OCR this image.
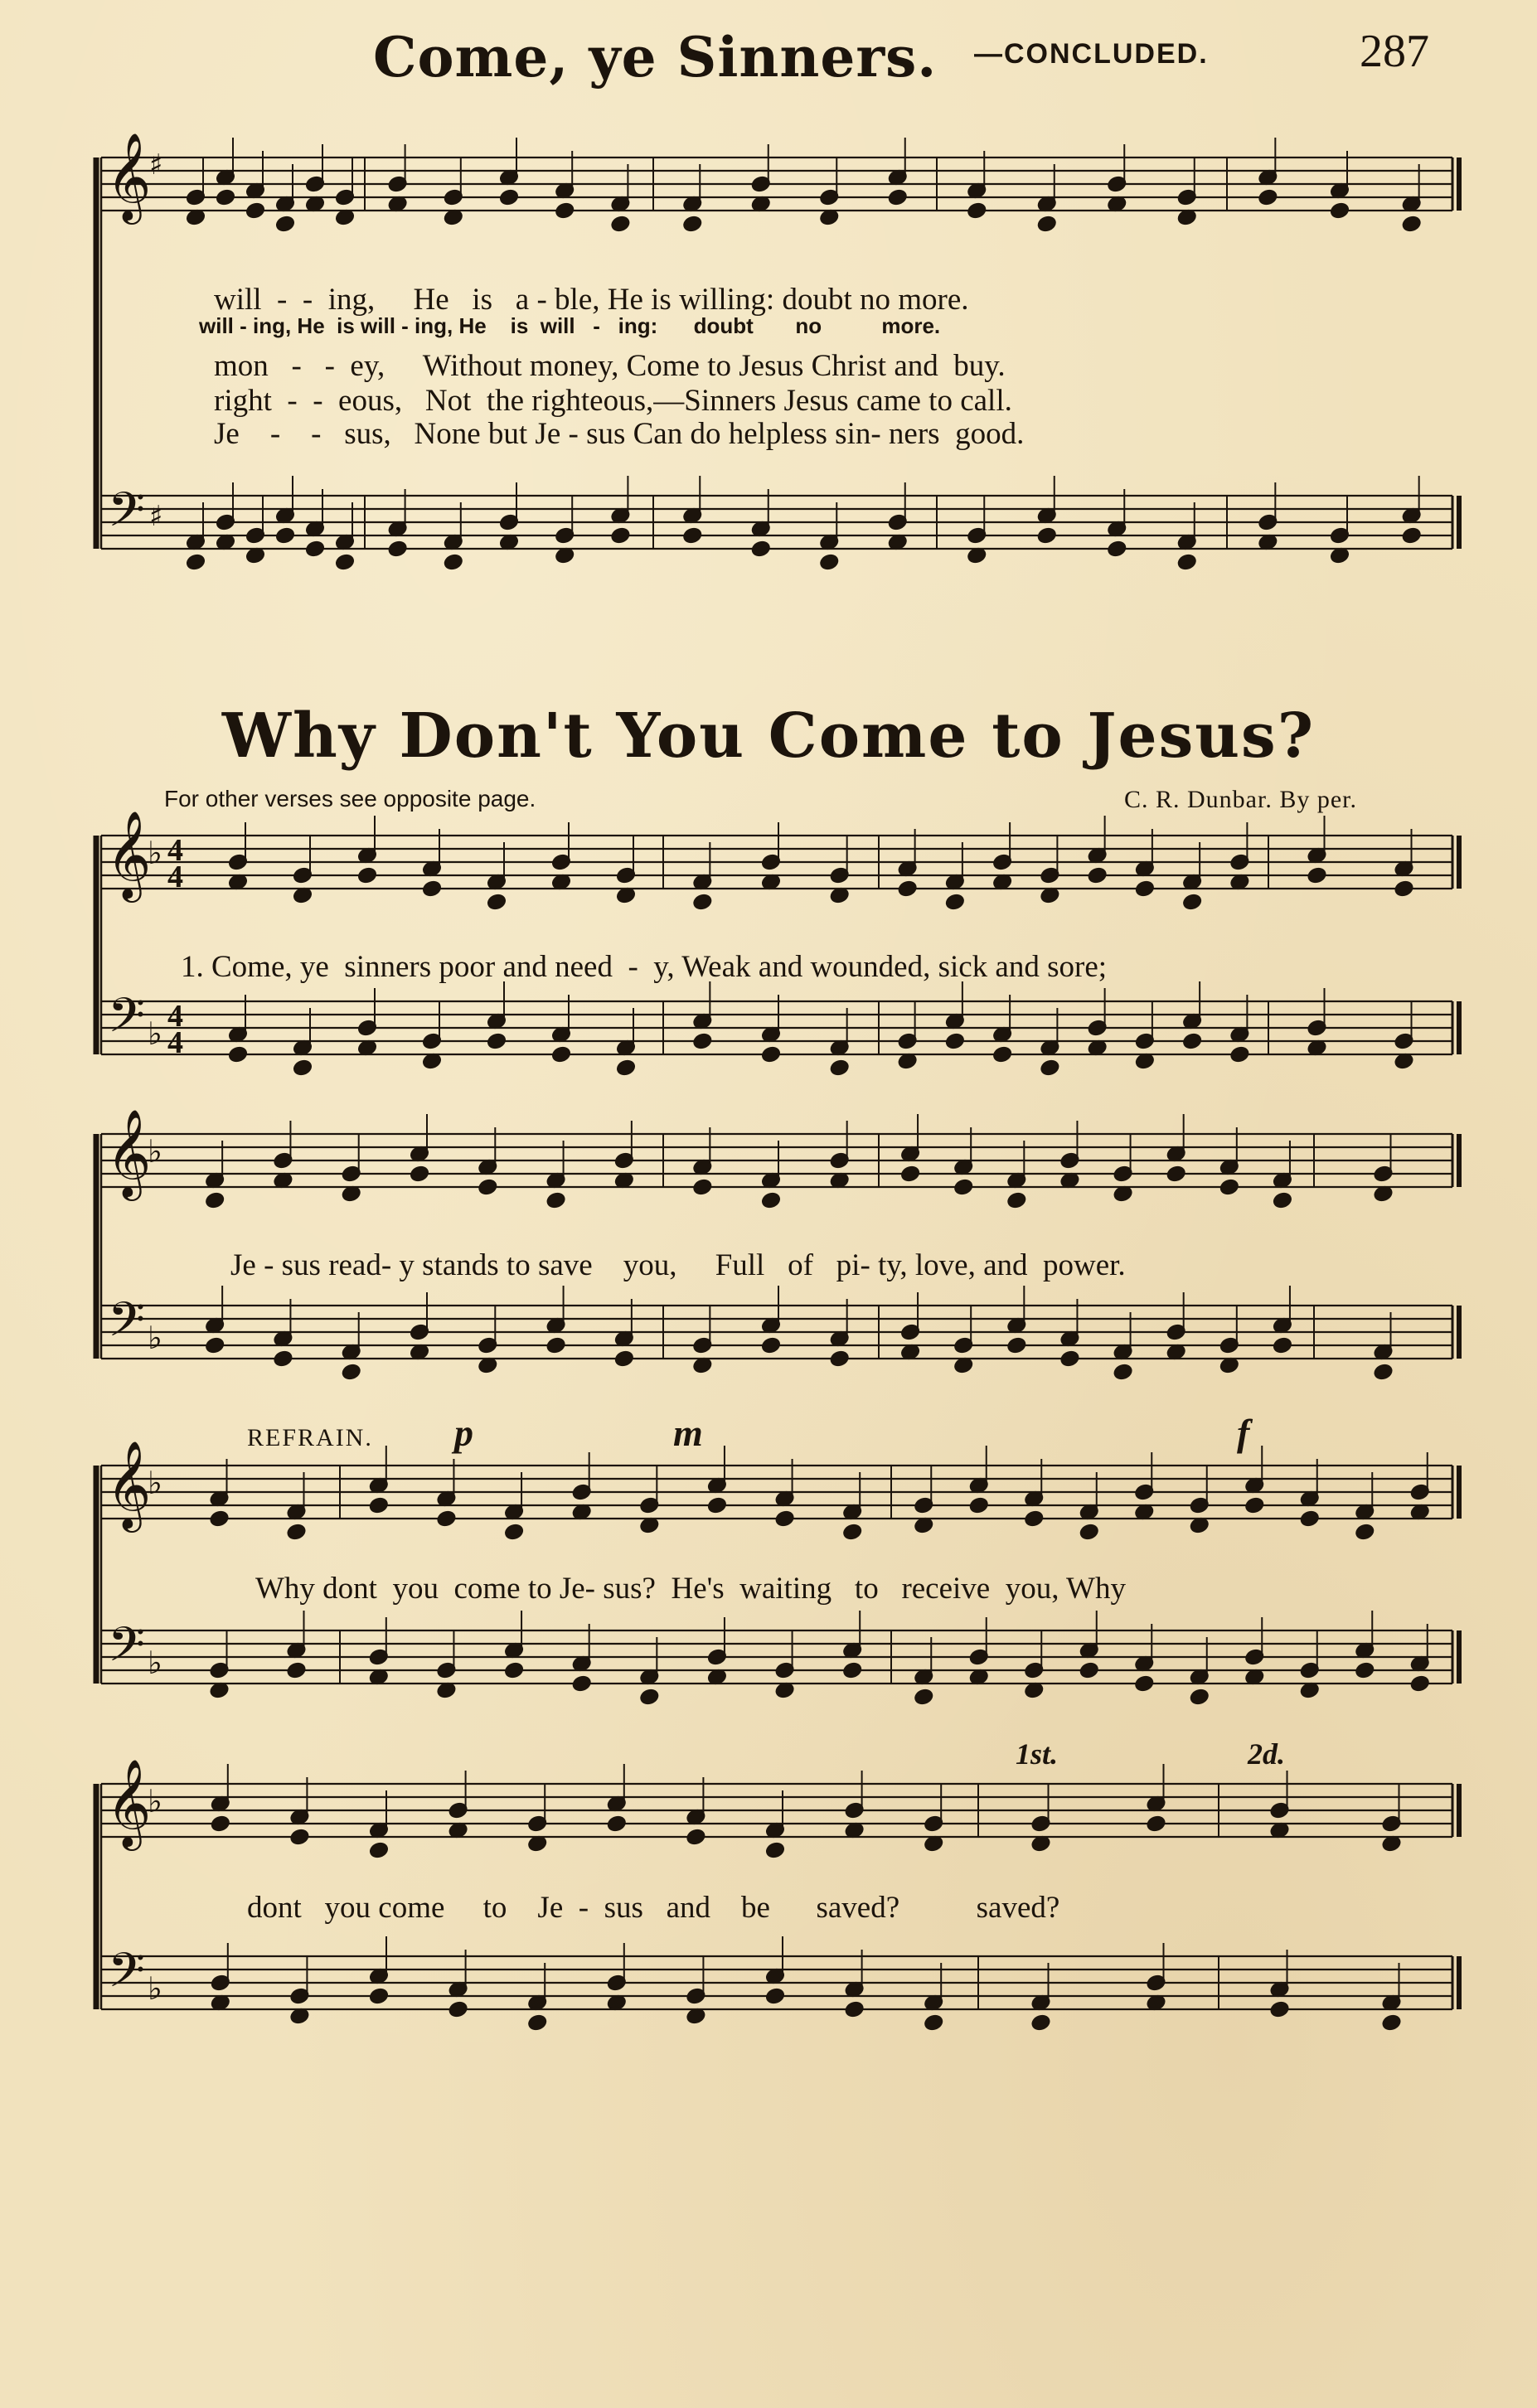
Come, ye Sinners. —CONCLUDED.	287
𝄞
𝄢
♯
♯
𝄞
𝄢
♭
♭
4
4
4
4
𝄞
𝄢
♭
♭
𝄞
𝄢
♭
♭
𝄞
𝄢
♭
♭
will  -  -  ing,     He   is   a - ble, He is willing: doubt no more.
will - ing, He  is will - ing, He    is  will   -   ing:      doubt       no          more.
mon   -   -  ey,     Without money, Come to Jesus Christ and  buy.
right  -  -  eous,   Not  the righteous,—Sinners Jesus came to call.
Je    -    -   sus,   None but Je - sus Can do helpless sin- ners  good.
Why Don't You Come to Jesus?
For other verses see opposite page.	C. R. Dunbar. By per.
1. Come, ye  sinners poor and need  -  y, Weak and wounded, sick and sore;
Je - sus read- y stands to save    you,     Full   of   pi- ty, love, and  power.
REFRAIN. p	m	f
Why dont  you  come to Je- sus?  He's  waiting   to   receive  you, Why
1st.	2d.
dont   you come     to    Je  -  sus   and    be      saved?          saved?
